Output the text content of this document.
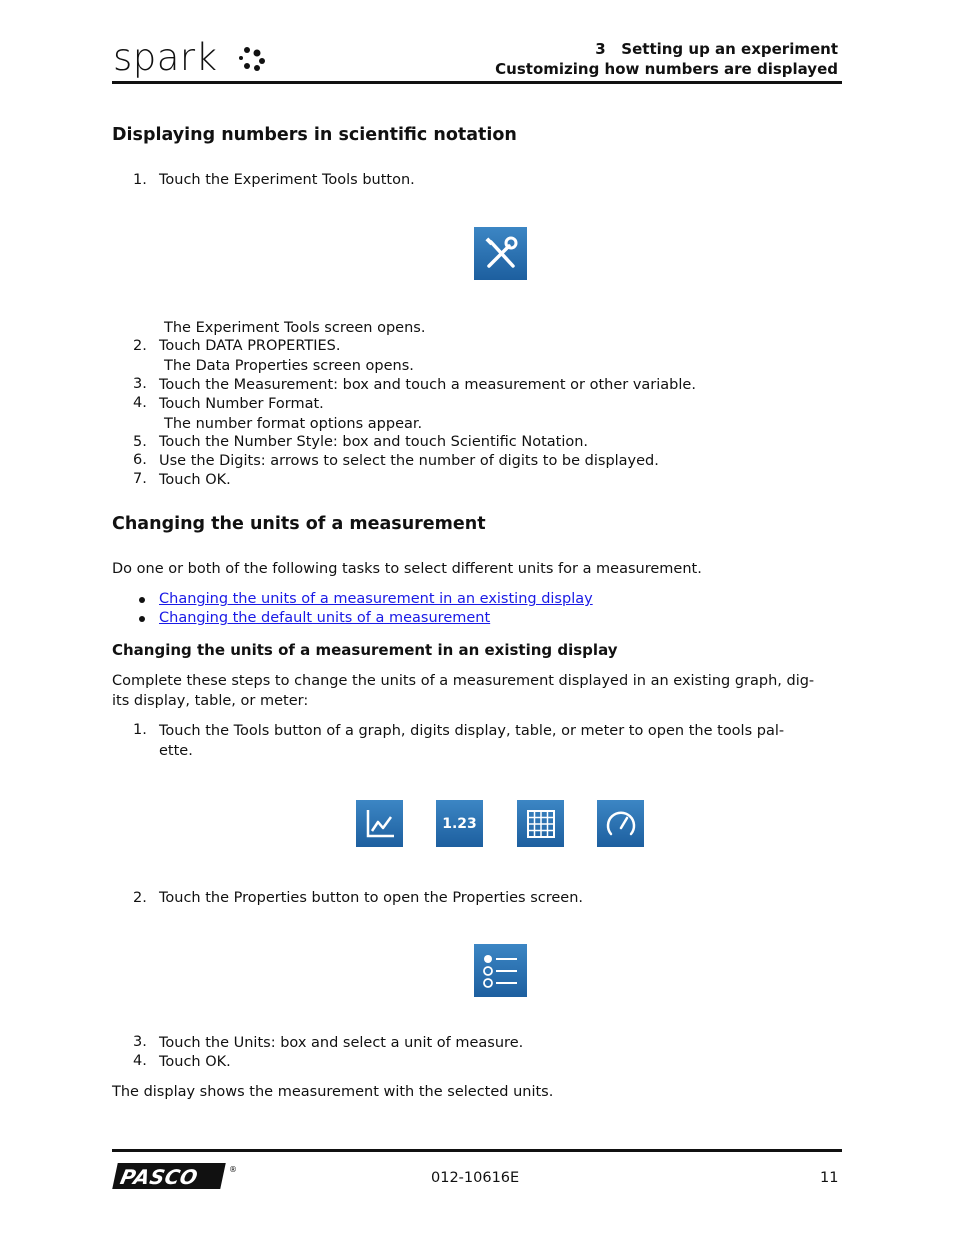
spark	3   Setting up an experiment
Customizing how numbers are displayed
Displaying numbers in scientific notation
1. Touch the Experiment Tools button.
The Experiment Tools screen opens.
2. Touch DATA PROPERTIES.
The Data Properties screen opens.
3. Touch the Measurement: box and touch a measurement or other variable.
4. Touch Number Format.
The number format options appear.
5. Touch the Number Style: box and touch Scientific Notation.
6. Use the Digits: arrows to select the number of digits to be displayed.
7. Touch OK.
Changing the units of a measurement
Do one or both of the following tasks to select different units for a measurement.
Changing the units of a measurement in an existing display
Changing the default units of a measurement
Changing the units of a measurement in an existing display
Complete these steps to change the units of a measurement displayed in an existing graph, dig-
its display, table, or meter:
1. Touch the Tools button of a graph, digits display, table, or meter to open the tools pal-
ette.
1.23
2. Touch the Properties button to open the Properties screen.
3. Touch the Units: box and select a unit of measure.
4. Touch OK.
The display shows the measurement with the selected units.
PASCO	®
012-10616E	11
